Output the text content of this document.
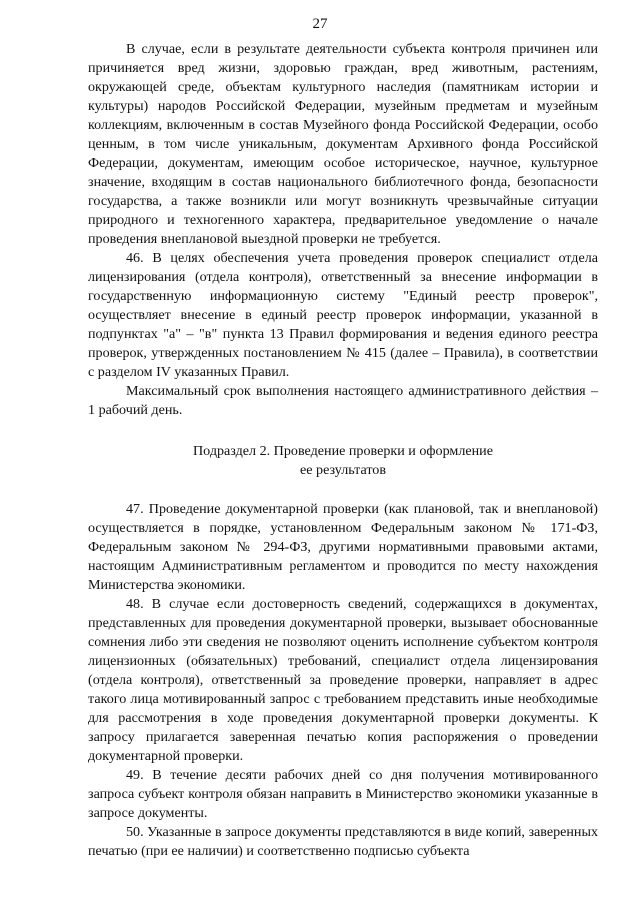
27

В случае, если в результате деятельности субъекта контроля причинен или причиняется вред жизни, здоровью граждан, вред животным, растениям, окружающей среде, объектам культурного наследия (памятникам истории и культуры) народов Российской Федерации, музейным предметам и музейным коллекциям, включенным в состав Музейного фонда Российской Федерации, особо ценным, в том числе уникальным, документам Архивного фонда Российской Федерации, документам, имеющим особое историческое, научное, культурное значение, входящим в состав национального библиотечного фонда, безопасности государства, а также возникли или могут возникнуть чрезвычайные ситуации природного и техногенного характера, предварительное уведомление о начале проведения внеплановой выездной проверки не требуется.

46. В целях обеспечения учета проведения проверок специалист отдела лицензирования (отдела контроля), ответственный за внесение информации в государственную информационную систему "Единый реестр проверок", осуществляет внесение в единый реестр проверок информации, указанной в подпунктах "а" – "в" пункта 13 Правил формирования и ведения единого реестра проверок, утвержденных постановлением № 415 (далее – Правила), в соответствии с разделом IV указанных Правил.

Максимальный срок выполнения настоящего административного действия – 1 рабочий день.

Подраздел 2. Проведение проверки и оформление
ее результатов

47. Проведение документарной проверки (как плановой, так и внеплановой) осуществляется в порядке, установленном Федеральным законом № 171-ФЗ, Федеральным законом № 294-ФЗ, другими нормативными правовыми актами, настоящим Административным регламентом и проводится по месту нахождения Министерства экономики.

48. В случае если достоверность сведений, содержащихся в документах, представленных для проведения документарной проверки, вызывает обоснованные сомнения либо эти сведения не позволяют оценить исполнение субъектом контроля лицензионных (обязательных) требований, специалист отдела лицензирования (отдела контроля), ответственный за проведение проверки, направляет в адрес такого лица мотивированный запрос с требованием представить иные необходимые для рассмотрения в ходе проведения документарной проверки документы. К запросу прилагается заверенная печатью копия распоряжения о проведении документарной проверки.

49. В течение десяти рабочих дней со дня получения мотивированного запроса субъект контроля обязан направить в Министерство экономики указанные в запросе документы.

50. Указанные в запросе документы представляются в виде копий, заверенных печатью (при ее наличии) и соответственно подписью субъекта
